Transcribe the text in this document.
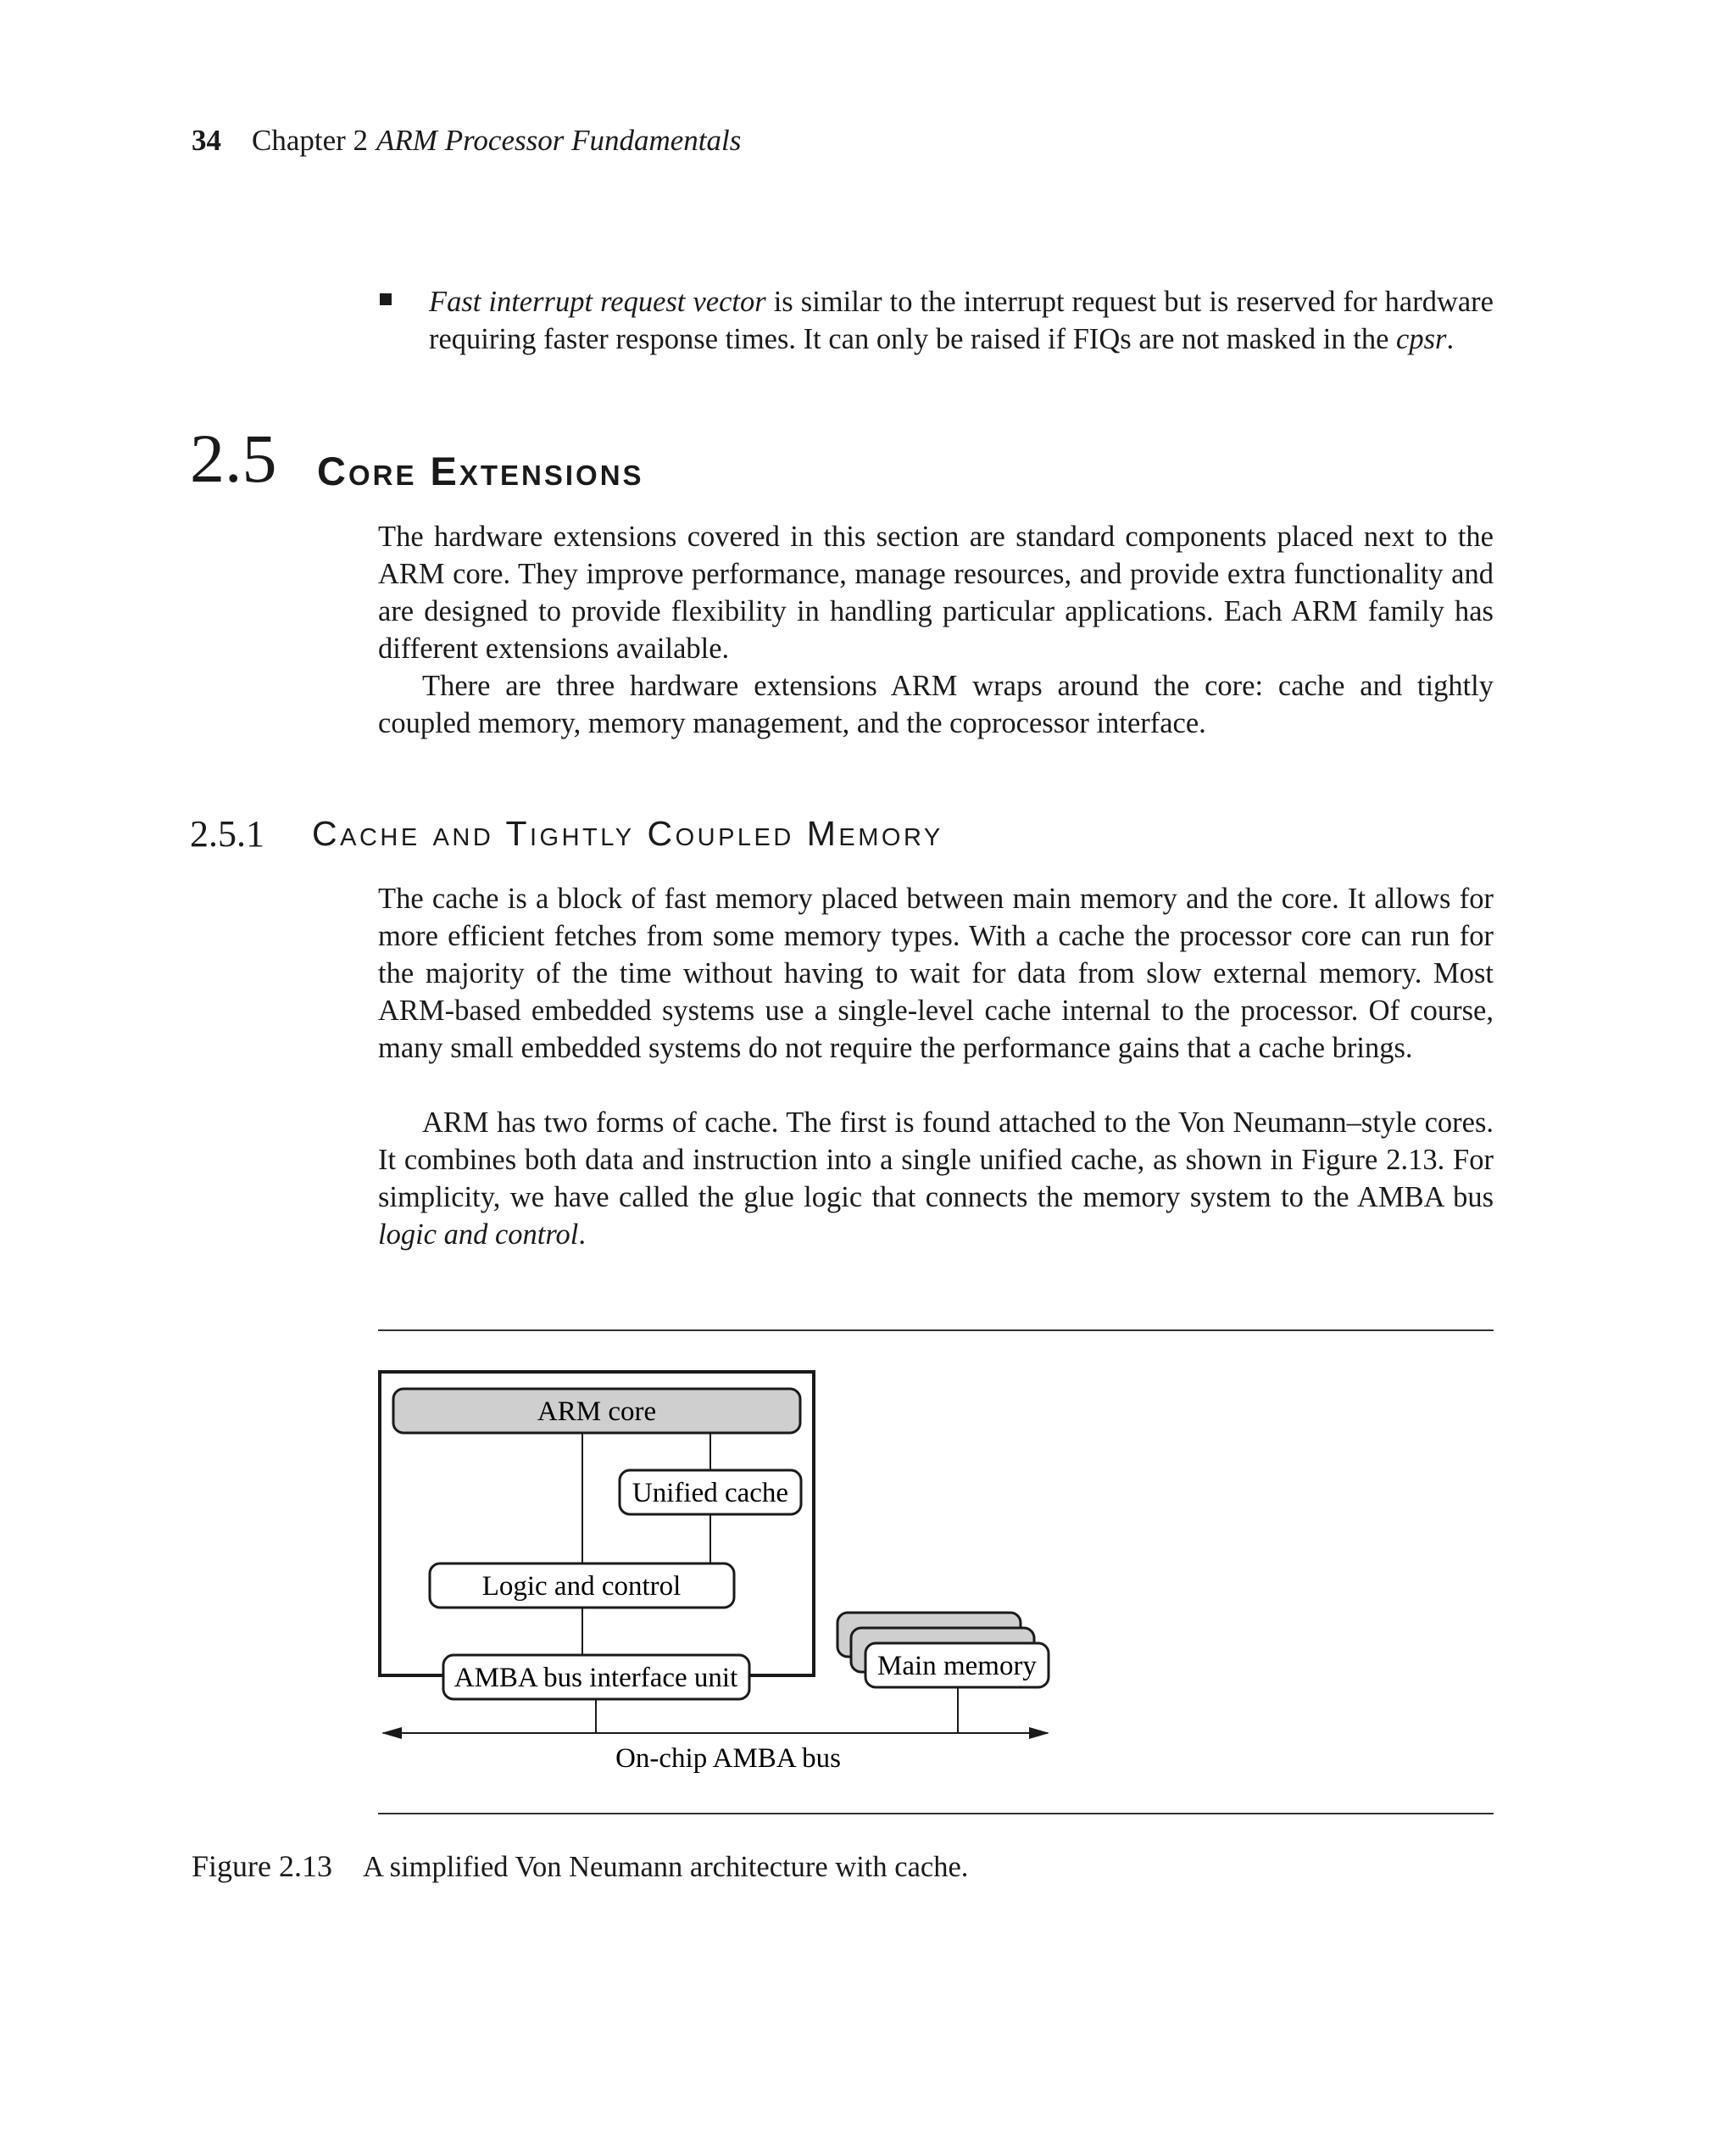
34 Chapter 2 ARM Processor Fundamentals

Fast interrupt request vector is similar to the interrupt request but is reserved for hardware requiring faster response times. It can only be raised if FIQs are not masked in the cpsr.

2.5 Core Extensions

The hardware extensions covered in this section are standard components placed next to the ARM core. They improve performance, manage resources, and provide extra functionality and are designed to provide flexibility in handling particular applications. Each ARM family has different extensions available.

There are three hardware extensions ARM wraps around the core: cache and tightly coupled memory, memory management, and the coprocessor interface.

2.5.1 Cache and Tightly Coupled Memory

The cache is a block of fast memory placed between main memory and the core. It allows for more efficient fetches from some memory types. With a cache the processor core can run for the majority of the time without having to wait for data from slow external memory. Most ARM-based embedded systems use a single-level cache internal to the processor. Of course, many small embedded systems do not require the performance gains that a cache brings.

ARM has two forms of cache. The first is found attached to the Von Neumann–style cores. It combines both data and instruction into a single unified cache, as shown in Figure 2.13. For simplicity, we have called the glue logic that connects the memory system to the AMBA bus logic and control.

ARM core
Unified cache
Logic and control
AMBA bus interface unit	Main memory
On-chip AMBA bus
Figure 2.13 A simplified Von Neumann architecture with cache.
